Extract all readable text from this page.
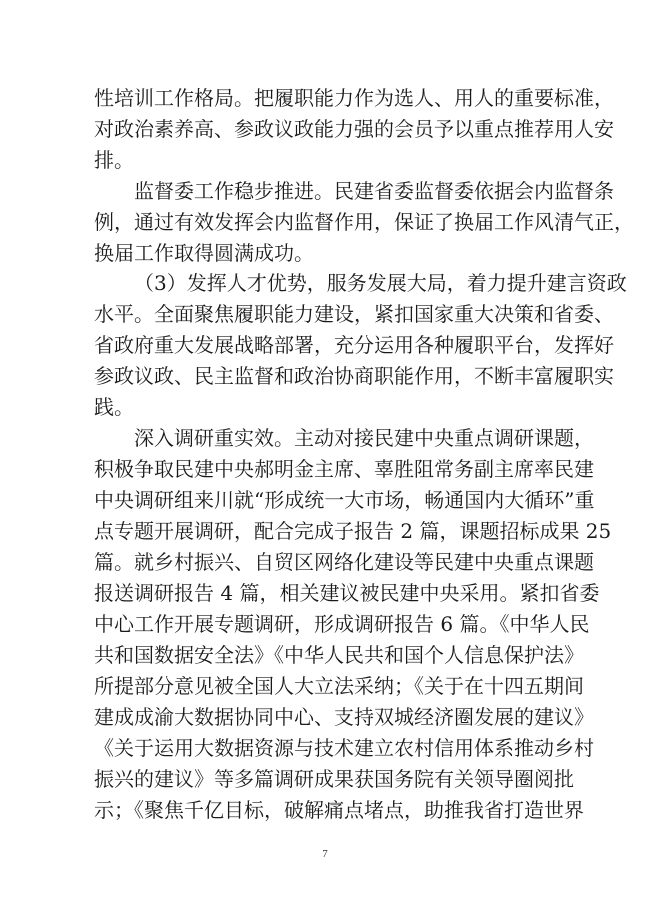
性培训工作格局。把履职能力作为选人、用人的重要标准，
对政治素养高、参政议政能力强的会员予以重点推荐用人安
排。
监督委工作稳步推进。民建省委监督委依据会内监督条
例，通过有效发挥会内监督作用，保证了换届工作风清气正，
换届工作取得圆满成功。
（3）发挥人才优势，服务发展大局，着力提升建言资政
水平。全面聚焦履职能力建设，紧扣国家重大决策和省委、
省政府重大发展战略部署，充分运用各种履职平台，发挥好
参政议政、民主监督和政治协商职能作用，不断丰富履职实
践。
深入调研重实效。主动对接民建中央重点调研课题，
积极争取民建中央郝明金主席、辜胜阻常务副主席率民建
中央调研组来川就“形成统一大市场，畅通国内大循环”重
点专题开展调研，配合完成子报告 2 篇，课题招标成果 25
篇。就乡村振兴、自贸区网络化建设等民建中央重点课题
报送调研报告 4 篇，相关建议被民建中央采用。紧扣省委
中心工作开展专题调研，形成调研报告 6 篇。《中华人民
共和国数据安全法》《中华人民共和国个人信息保护法》
所提部分意见被全国人大立法采纳；《关于在十四五期间
建成成渝大数据协同中心、支持双城经济圈发展的建议》
《关于运用大数据资源与技术建立农村信用体系推动乡村
振兴的建议》等多篇调研成果获国务院有关领导圈阅批
示；《聚焦千亿目标，破解痛点堵点，助推我省打造世界
7
